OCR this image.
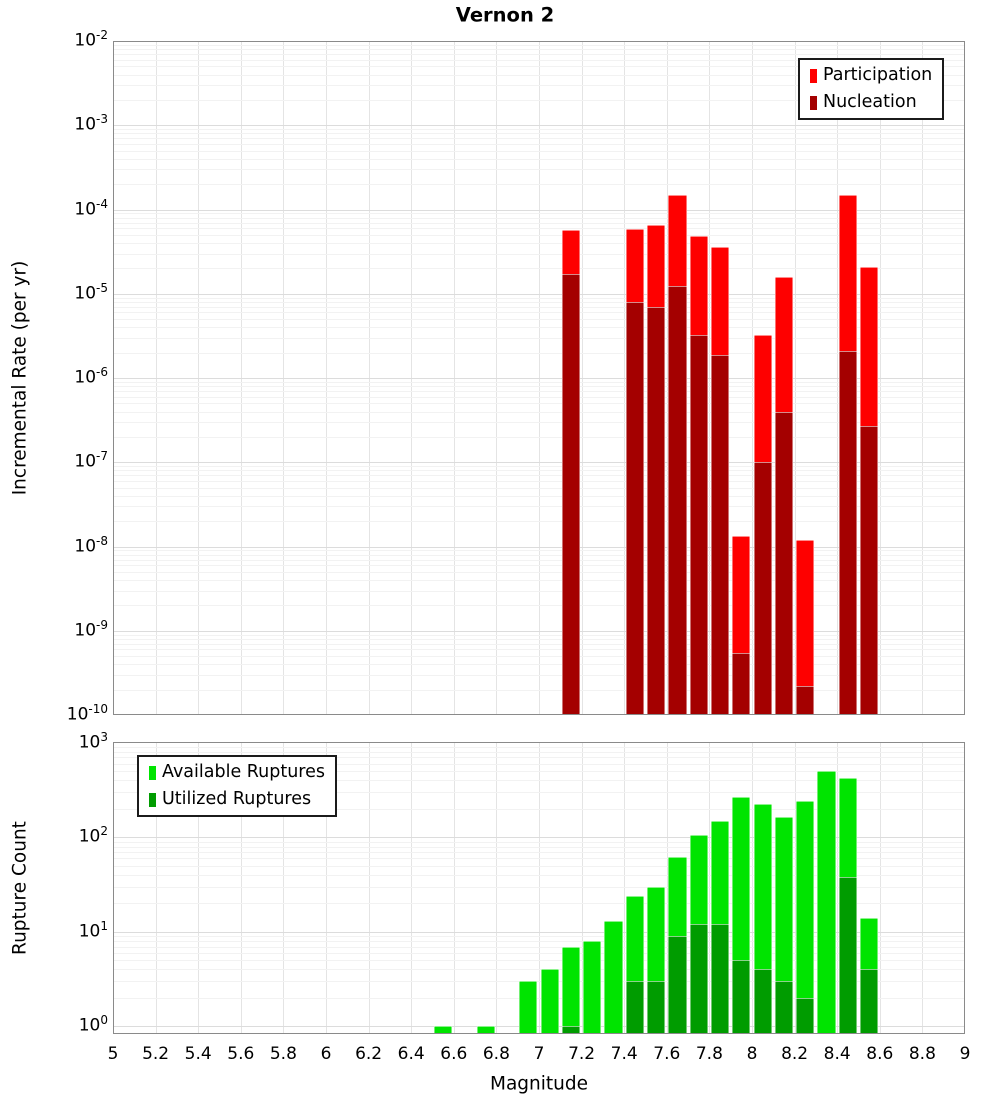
Vernon 2
Incremental Rate (per yr)
Rupture Count
Magnitude
Participation
Nucleation
Available Ruptures
Utilized Ruptures
$10^{-2}$
$10^{-3}$
$10^{-4}$
$10^{-5}$
$10^{-6}$
$10^{-7}$
$10^{-8}$
$10^{-9}$
$10^{-10}$
$10^3$
$10^2$
$10^1$
$10^0$
5	5.2 5.4 5.6 5.8	6	6.2 6.4 6.6 6.8	7	7.2 7.4 7.6 7.8	8	8.2 8.4 8.6 8.8	9
